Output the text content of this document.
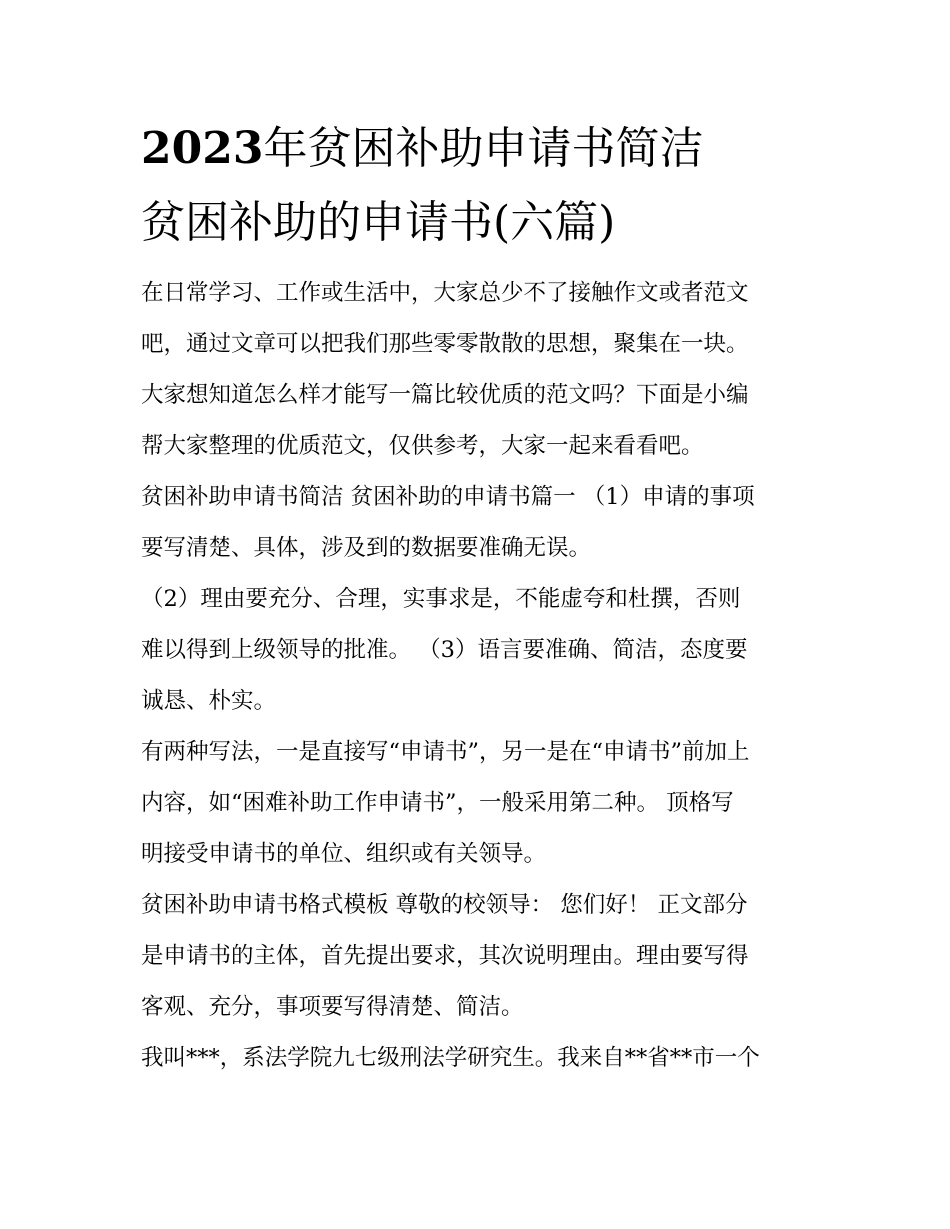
2023年贫困补助申请书简洁
贫困补助的申请书(六篇)
在日常学习、工作或生活中，大家总少不了接触作文或者范文
吧，通过文章可以把我们那些零零散散的思想，聚集在一块。
大家想知道怎么样才能写一篇比较优质的范文吗？下面是小编
帮大家整理的优质范文，仅供参考，大家一起来看看吧。
贫困补助申请书简洁 贫困补助的申请书篇一 （1）申请的事项
要写清楚、具体，涉及到的数据要准确无误。
（2）理由要充分、合理，实事求是，不能虚夸和杜撰，否则
难以得到上级领导的批准。 （3）语言要准确、简洁，态度要
诚恳、朴实。
有两种写法，一是直接写“申请书”，另一是在“申请书”前加上
内容，如“困难补助工作申请书”，一般采用第二种。 顶格写
明接受申请书的单位、组织或有关领导。
贫困补助申请书格式模板 尊敬的校领导： 您们好！ 正文部分
是申请书的主体，首先提出要求，其次说明理由。理由要写得
客观、充分，事项要写得清楚、简洁。
我叫***，系法学院九七级刑法学研究生。我来自**省**市一个
